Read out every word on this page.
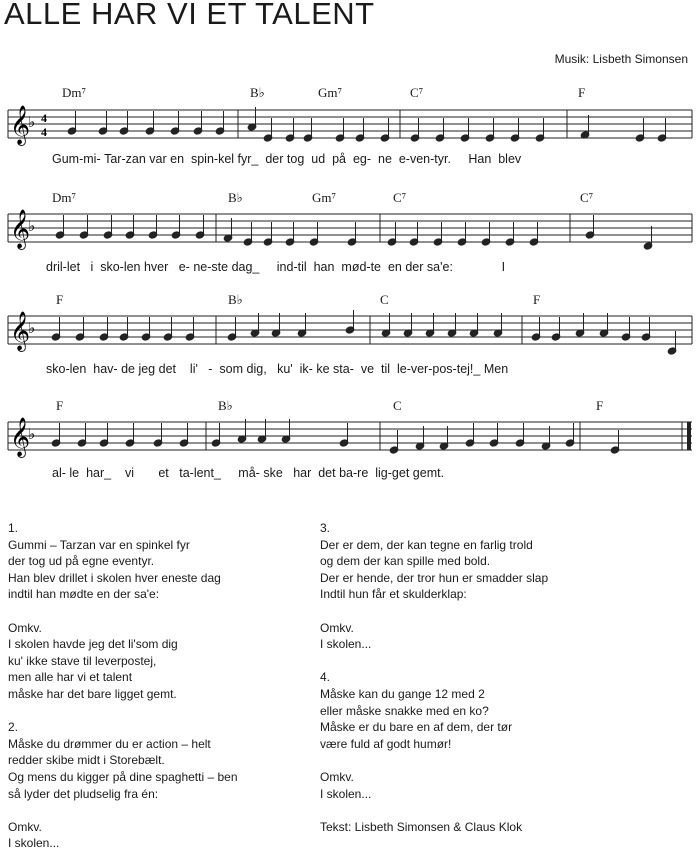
ALLE HAR VI ET TALENT
Musik: Lisbeth Simonsen
Dm⁷	B♭	Gm⁷	C⁷	F
𝄞
♭ 4
4
Gum-mi- Tar-zan var en spin-kel fyr_ der tog ud på eg- ne e-ven-tyr. Han blev
Dm⁷	B♭	Gm⁷	C⁷	C⁷
𝄞
♭
dril-let i sko-len hver e- ne-ste dag_ ind-til han mød-te en der sa'e:	I
F	B♭	C	F
𝄞
♭
sko-len hav- de jeg det li' - som dig, ku' ik- ke sta- ve til le-ver-pos-tej!_ Men
F	B♭	C	F
𝄞
♭
al- le har_ vi et ta-lent_ må- ske har det ba-re lig-get gemt.
1.
Gummi – Tarzan var en spinkel fyr
der tog ud på egne eventyr.
Han blev drillet i skolen hver eneste dag
indtil han mødte en der sa'e:

Omkv.
I skolen havde jeg det li'som dig
ku' ikke stave til leverpostej,
men alle har vi et talent
måske har det bare ligget gemt.

2.
Måske du drømmer du er action – helt
redder skibe midt i Storebælt.
Og mens du kigger på dine spaghetti – ben
så lyder det pludselig fra én:

Omkv.
I skolen...
3.
Der er dem, der kan tegne en farlig trold
og dem der kan spille med bold.
Der er hende, der tror hun er smadder slap
Indtil hun får et skulderklap:

Omkv.
I skolen...

4.
Måske kan du gange 12 med 2
eller måske snakke med en ko?
Måske er du bare en af dem, der tør
være fuld af godt humør!

Omkv.
I skolen...

Tekst: Lisbeth Simonsen & Claus Klok
